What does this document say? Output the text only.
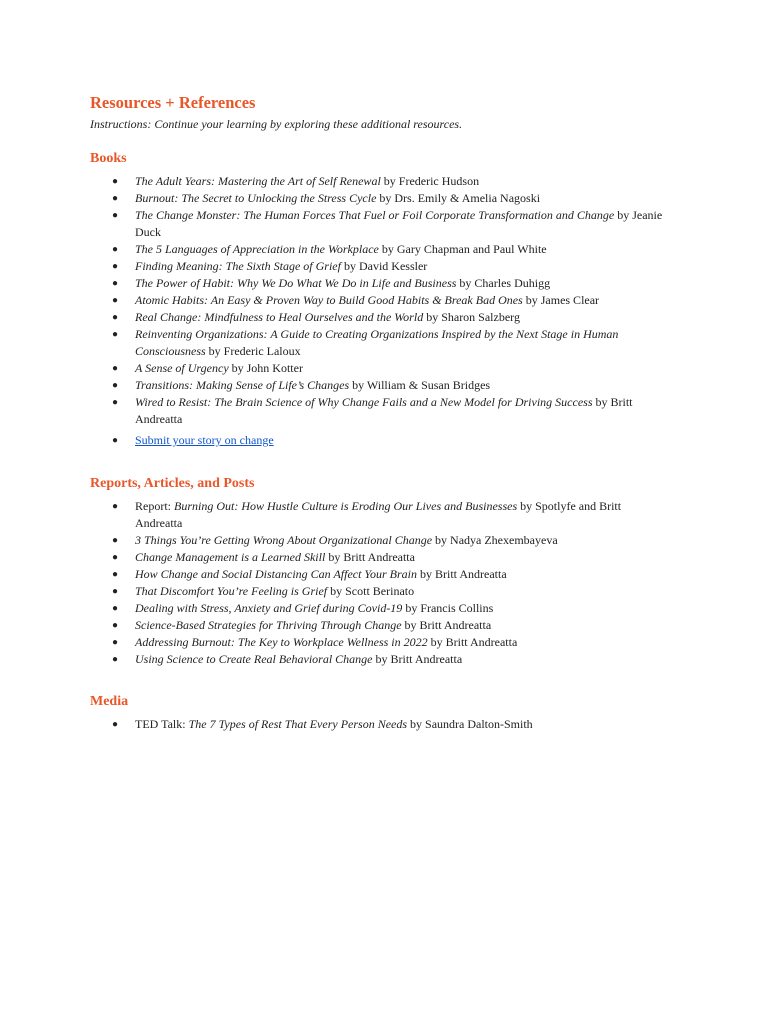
Resources + References

Instructions: Continue your learning by exploring these additional resources.

Books
● The Adult Years: Mastering the Art of Self Renewal by Frederic Hudson
● Burnout: The Secret to Unlocking the Stress Cycle by Drs. Emily & Amelia Nagoski
● The Change Monster: The Human Forces That Fuel or Foil Corporate Transformation and Change by Jeanie Duck
● The 5 Languages of Appreciation in the Workplace by Gary Chapman and Paul White
● Finding Meaning: The Sixth Stage of Grief by David Kessler
● The Power of Habit: Why We Do What We Do in Life and Business by Charles Duhigg
● Atomic Habits: An Easy & Proven Way to Build Good Habits & Break Bad Ones by James Clear
● Real Change: Mindfulness to Heal Ourselves and the World by Sharon Salzberg
● Reinventing Organizations: A Guide to Creating Organizations Inspired by the Next Stage in Human Consciousness by Frederic Laloux
● A Sense of Urgency by John Kotter
● Transitions: Making Sense of Life’s Changes by William & Susan Bridges
● Wired to Resist: The Brain Science of Why Change Fails and a New Model for Driving Success by Britt Andreatta
● Submit your story on change
Reports, Articles, and Posts
● Report: Burning Out: How Hustle Culture is Eroding Our Lives and Businesses by Spotlyfe and Britt Andreatta
● 3 Things You’re Getting Wrong About Organizational Change by Nadya Zhexembayeva
● Change Management is a Learned Skill by Britt Andreatta
● How Change and Social Distancing Can Affect Your Brain by Britt Andreatta
● That Discomfort You’re Feeling is Grief by Scott Berinato
● Dealing with Stress, Anxiety and Grief during Covid-19 by Francis Collins
● Science-Based Strategies for Thriving Through Change by Britt Andreatta
● Addressing Burnout: The Key to Workplace Wellness in 2022 by Britt Andreatta
● Using Science to Create Real Behavioral Change by Britt Andreatta
Media
● TED Talk: The 7 Types of Rest That Every Person Needs by Saundra Dalton-Smith
